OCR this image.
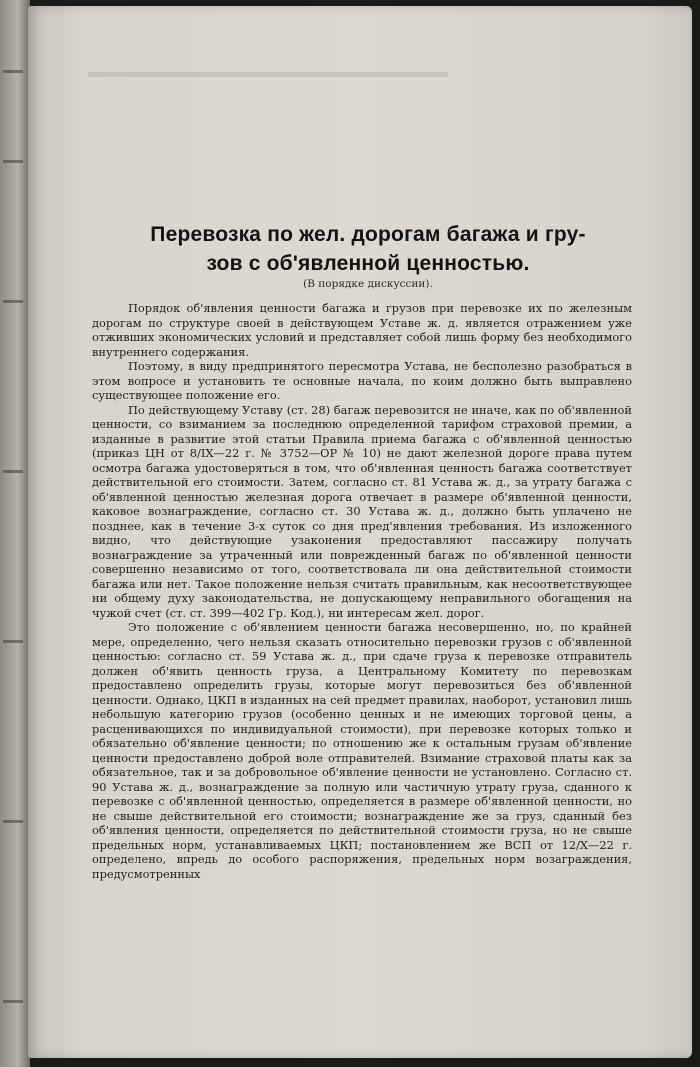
Перевозка по жел. дорогам багажа и гру-
зов с об'явленной ценностью.
(В порядке дискуссии).

Порядок об'явления ценности багажа и грузов при перевозке их по железным дорогам по структуре своей в действующем Уставе ж. д. является отражением уже отживших экономических условий и представляет собой лишь форму без необходимого внутреннего содержания.

Поэтому, в виду предпринятого пересмотра Устава, не бесполезно разобраться в этом вопросе и установить те основные начала, по коим должно быть выправлено существующее положение его.

По действующему Уставу (ст. 28) багаж перевозится не иначе, как по об'явленной ценности, со взиманием за последнюю определенной тарифом страховой премии, а изданные в развитие этой статьи Правила приема багажа с об'явленной ценностью (приказ ЦН от 8/IX—22 г. № 3752—ОР № 10) не дают железной дороге права путем осмотра багажа удостоверяться в том, что об'явленная ценность багажа соответствует действительной его стоимости. Затем, согласно ст. 81 Устава ж. д., за утрату багажа с об'явленной ценностью железная дорога отвечает в размере об'явленной ценности, каковое вознаграждение, согласно ст. 30 Устава ж. д., должно быть уплачено не позднее, как в течение 3-х суток со дня пред'явления требования. Из изложенного видно, что действующие узаконения предоставляют пассажиру получать вознаграждение за утраченный или поврежденный багаж по об'явленной ценности совершенно независимо от того, соответствовала ли она действительной стоимости багажа или нет. Такое положение нельзя считать правильным, как несоответствующее ни общему духу законодательства, не допускающему неправильного обогащения на чужой счет (ст. ст. 399—402 Гр. Код.), ни интересам жел. дорог.

Это положение с об'явлением ценности багажа несовершенно, но, по крайней мере, определенно, чего нельзя сказать относительно перевозки грузов с об'явленной ценностью: согласно ст. 59 Устава ж. д., при сдаче груза к перевозке отправитель должен об'явить ценность груза, а Центральному Комитету по перевозкам предоставлено определить грузы, которые могут перевозиться без об'явленной ценности. Однако, ЦКП в изданных на сей предмет правилах, наоборот, установил лишь небольшую категорию грузов (особенно ценных и не имеющих торговой цены, а расценивающихся по индивидуальной стоимости), при перевозке которых только и обязательно об'явление ценности; по отношению же к остальным грузам об'явление ценности предоставлено доброй воле отправителей. Взимание страховой платы как за обязательное, так и за добровольное об'явление ценности не установлено. Согласно ст. 90 Устава ж. д., вознаграждение за полную или частичную утрату груза, сданного к перевозке с об'явленной ценностью, определяется в размере об'явленной ценности, но не свыше действительной его стоимости; вознаграждение же за груз, сданный без об'явления ценности, определяется по действительной стоимости груза, но не свыше предельных норм, устанавливаемых ЦКП; постановлением же ВСП от 12/X—22 г. определено, впредь до особого распоряжения, предельных норм возаграждения, предусмотренных
